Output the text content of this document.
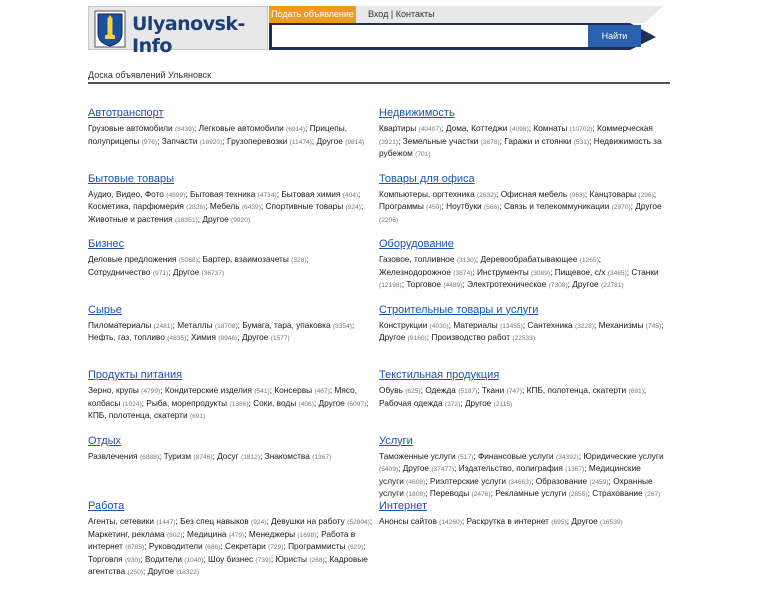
Ulyanovsk-Info
Подать объявление Вход | Контакты
Найти
Доска объявлений Ульяновск
Автотранспорт
Грузовые автомобили (8439); Легковые автомобили (6914); Прицепы, полуприцепы (976); Запчасти (18920); Грузоперевозки (11474); Другое (9814)
Бытовые товары
Аудио, Видео, Фото (4899); Бытовая техника (4734); Бытовая химия (404); Косметика, парфюмерия (2826); Мебель (6439); Спортивные товары (924); Животные и растения (18351); Другое (9920)
Бизнес
Деловые предложения (5068); Бартер, взаимозачеты (328); Сотрудничество (971); Другое (36737)
Сырье
Пиломатериалы (2481); Металлы (18708); Бумага, тара, упаковка (3354); Нефть, газ, топливо (4835); Химия (8946); Другое (1577)
Продукты питания
Зерно, крупы (4799); Кондитерские изделия (541); Консервы (467); Мясо, колбасы (1024); Рыба, морепродукты (1386); Соки, воды (406); Другое (6097); КПБ, полотенца, скатерти (691)
Отдых
Развлечения (6888); Туризм (8746); Досуг (1812); Знакомства (1367)
Работа
Агенты, сетевики (1447); Без спец навыков (924); Девушки на работу (52804); Маркетинг, реклама (802); Медицина (479); Менеджеры (1698); Работа в интернет (8785); Руководители (686); Секретари (729); Программисты (629); Торговля (930); Водители (1040); Шоу бизнес (739); Юристы (268); Кадровые агентства (250); Другое (18322)
Недвижимость
Квартиры (40407); Дома, Коттеджи (4098); Комнаты (10702); Коммерческая (3921); Земельные участки (3678); Гаражи и стоянки (531); Недвижимость за рубежом (701)
Товары для офиса
Компьютеры, оргтехника (2632); Офисная мебель (963); Канцтовары (296); Программы (450); Ноутбуки (566); Связь и телекоммуникации (2970); Другое (2206)
Оборудование
Газовое, топливное (3130); Деревообрабатывающее (1265); Железнодорожное (3874); Инструменты (3089); Пищевое, с/х (3465); Станки (12198); Торговое (4489); Электротехническое (7308); Другое (22781)
Строительные товары и услуги
Конструкции (4030); Материалы (13455); Сантехника (3228); Механизмы (745); Другое (9160); Производство работ (22533)
Текстильная продукция
Обувь (625); Одежда (5187); Ткани (747); КПБ, полотенца, скатерти (691); Рабочая одежда (372); Другое (2115)
Услуги
Таможенные услуги (517); Финансовые услуги (34392); Юридические услуги (5409); Другое (37477); Издательство, полиграфия (1367); Медицинские услуги (4608); Риэлтерские услуги (34663); Образование (2459); Охранные услуги (1808); Переводы (2476); Рекламные услуги (2855); Страхование (267)
Интернет
Анонсы сайтов (14260); Раскрутка в интернет (695); Другое (16539)
